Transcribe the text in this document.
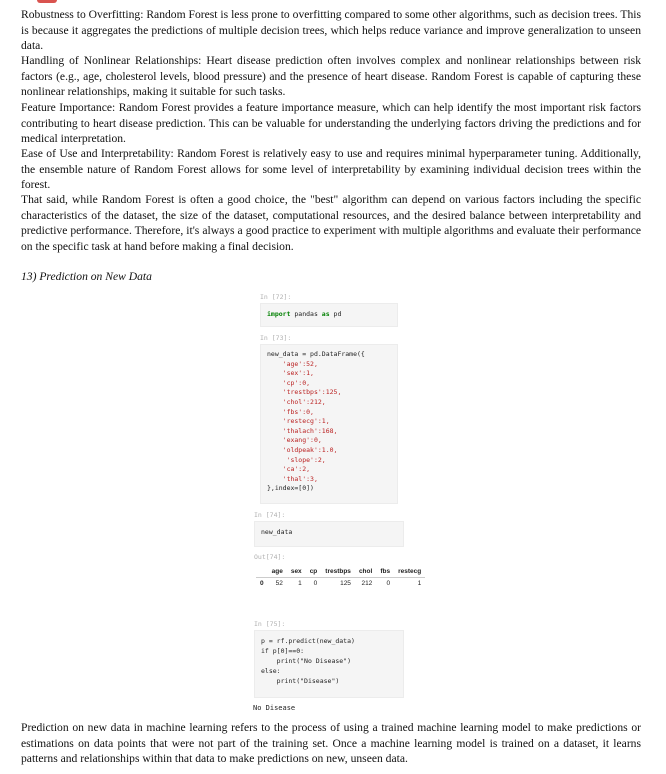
Robustness to Overfitting: Random Forest is less prone to overfitting compared to some other algorithms, such as decision trees. This is because it aggregates the predictions of multiple decision trees, which helps reduce variance and improve generalization to unseen data.

Handling of Nonlinear Relationships: Heart disease prediction often involves complex and nonlinear relationships between risk factors (e.g., age, cholesterol levels, blood pressure) and the presence of heart disease. Random Forest is capable of capturing these nonlinear relationships, making it suitable for such tasks.

Feature Importance: Random Forest provides a feature importance measure, which can help identify the most important risk factors contributing to heart disease prediction. This can be valuable for understanding the underlying factors driving the predictions and for medical interpretation.

Ease of Use and Interpretability: Random Forest is relatively easy to use and requires minimal hyperparameter tuning. Additionally, the ensemble nature of Random Forest allows for some level of interpretability by examining individual decision trees within the forest.

That said, while Random Forest is often a good choice, the "best" algorithm can depend on various factors including the specific characteristics of the dataset, the size of the dataset, computational resources, and the desired balance between interpretability and predictive performance. Therefore, it's always a good practice to experiment with multiple algorithms and evaluate their performance on the specific task at hand before making a final decision.

13) Prediction on New Data
In [72]:
import pandas as pd
In [73]:
new_data = pd.DataFrame({
'age':52,
'sex':1,
'cp':0,
'trestbps':125,
'chol':212,
'fbs':0,
'restecg':1,
'thalach':168,
'exang':0,
'oldpeak':1.0,
'slope':2,
'ca':2,
'thal':3,
},index=[0])
In [74]:
new_data
Out[74]:
	age	sex	cp	trestbps	chol	fbs	restecg
0	52	1	0	125	212	0	1
In [75]:
p = rf.predict(new_data)
if p[0]==0:
print("No Disease")
else:
print("Disease")
No Disease

Prediction on new data in machine learning refers to the process of using a trained machine learning model to make predictions or estimations on data points that were not part of the training set. Once a machine learning model is trained on a dataset, it learns patterns and relationships within that data to make predictions on new, unseen data.
